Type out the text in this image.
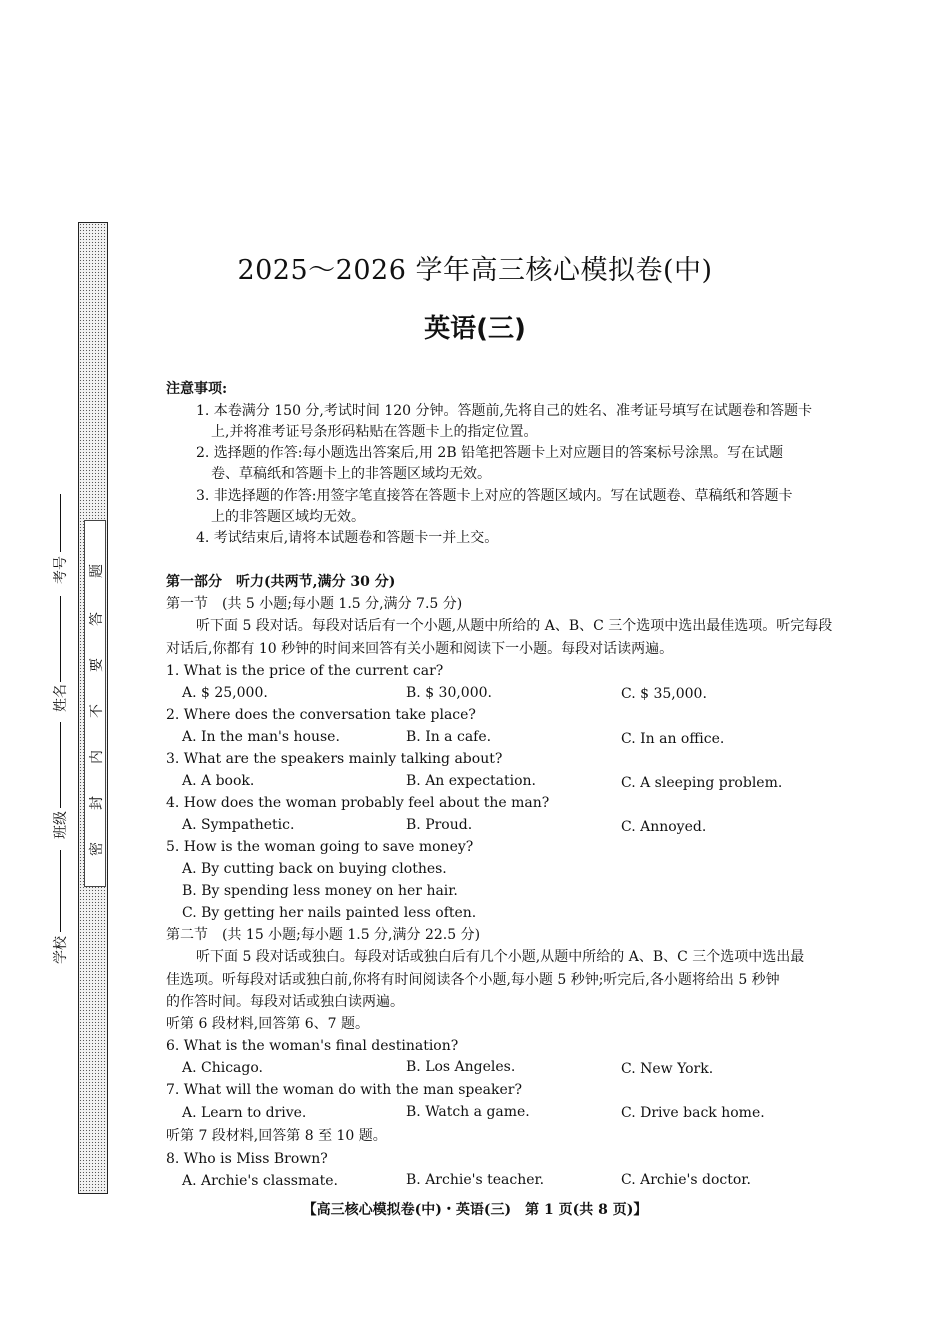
密
封
内
不
要
答
题
学校
班级
姓名
考号
2025～2026 学年高三核心模拟卷(中)
英语(三)
注意事项:
1. 本卷满分 150 分,考试时间 120 分钟。答题前,先将自己的姓名、准考证号填写在试题卷和答题卡
上,并将准考证号条形码粘贴在答题卡上的指定位置。
2. 选择题的作答:每小题选出答案后,用 2B 铅笔把答题卡上对应题目的答案标号涂黑。写在试题
卷、草稿纸和答题卡上的非答题区域均无效。
3. 非选择题的作答:用签字笔直接答在答题卡上对应的答题区域内。写在试题卷、草稿纸和答题卡
上的非答题区域均无效。
4. 考试结束后,请将本试题卷和答题卡一并上交。
第一部分　听力(共两节,满分 30 分)
第一节　(共 5 小题;每小题 1.5 分,满分 7.5 分)
听下面 5 段对话。每段对话后有一个小题,从题中所给的 A、B、C 三个选项中选出最佳选项。听完每段
对话后,你都有 10 秒钟的时间来回答有关小题和阅读下一小题。每段对话读两遍。
1. What is the price of the current car?
A. $ 25,000.	B. $ 30,000.	C. $ 35,000.
2. Where does the conversation take place?
A. In the man's house.	B. In a cafe.	C. In an office.
3. What are the speakers mainly talking about?
A. A book.	B. An expectation.	C. A sleeping problem.
4. How does the woman probably feel about the man?
A. Sympathetic.	B. Proud.	C. Annoyed.
5. How is the woman going to save money?
A. By cutting back on buying clothes.
B. By spending less money on her hair.
C. By getting her nails painted less often.
第二节　(共 15 小题;每小题 1.5 分,满分 22.5 分)
听下面 5 段对话或独白。每段对话或独白后有几个小题,从题中所给的 A、B、C 三个选项中选出最
佳选项。听每段对话或独白前,你将有时间阅读各个小题,每小题 5 秒钟;听完后,各小题将给出 5 秒钟
的作答时间。每段对话或独白读两遍。
听第 6 段材料,回答第 6、7 题。
6. What is the woman's final destination?
A. Chicago.	B. Los Angeles.	C. New York.
7. What will the woman do with the man speaker?
A. Learn to drive.	B. Watch a game.	C. Drive back home.
听第 7 段材料,回答第 8 至 10 题。
8. Who is Miss Brown?
A. Archie's classmate.	B. Archie's teacher.	C. Archie's doctor.
【高三核心模拟卷(中)・英语(三)　第 1 页(共 8 页)】
